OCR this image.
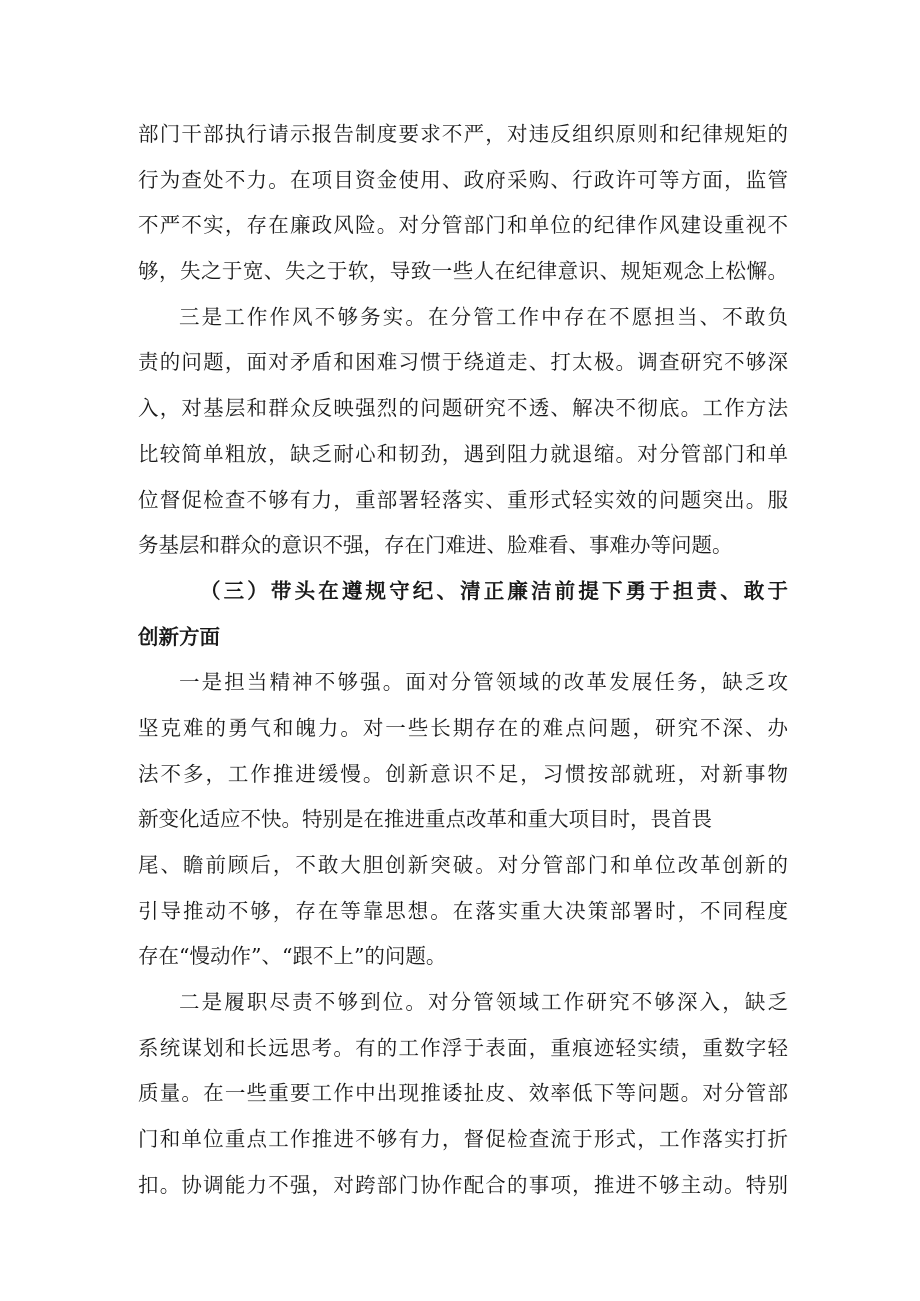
部门干部执行请示报告制度要求不严，对违反组织原则和纪律规矩的
行为查处不力。在项目资金使用、政府采购、行政许可等方面，监管
不严不实，存在廉政风险。对分管部门和单位的纪律作风建设重视不
够，失之于宽、失之于软，导致一些人在纪律意识、规矩观念上松懈。
三是工作作风不够务实。在分管工作中存在不愿担当、不敢负
责的问题，面对矛盾和困难习惯于绕道走、打太极。调查研究不够深
入，对基层和群众反映强烈的问题研究不透、解决不彻底。工作方法
比较简单粗放，缺乏耐心和韧劲，遇到阻力就退缩。对分管部门和单
位督促检查不够有力，重部署轻落实、重形式轻实效的问题突出。服
务基层和群众的意识不强，存在门难进、脸难看、事难办等问题。
（三）带头在遵规守纪、清正廉洁前提下勇于担责、敢于
创新方面
一是担当精神不够强。面对分管领域的改革发展任务，缺乏攻
坚克难的勇气和魄力。对一些长期存在的难点问题，研究不深、办
法不多，工作推进缓慢。创新意识不足，习惯按部就班，对新事物
新变化适应不快。特别是在推进重点改革和重大项目时，畏首畏
尾、瞻前顾后，不敢大胆创新突破。对分管部门和单位改革创新的
引导推动不够，存在等靠思想。在落实重大决策部署时，不同程度
存在“慢动作”、“跟不上”的问题。
二是履职尽责不够到位。对分管领域工作研究不够深入，缺乏
系统谋划和长远思考。有的工作浮于表面，重痕迹轻实绩，重数字轻
质量。在一些重要工作中出现推诿扯皮、效率低下等问题。对分管部
门和单位重点工作推进不够有力，督促检查流于形式，工作落实打折
扣。协调能力不强，对跨部门协作配合的事项，推进不够主动。特别
